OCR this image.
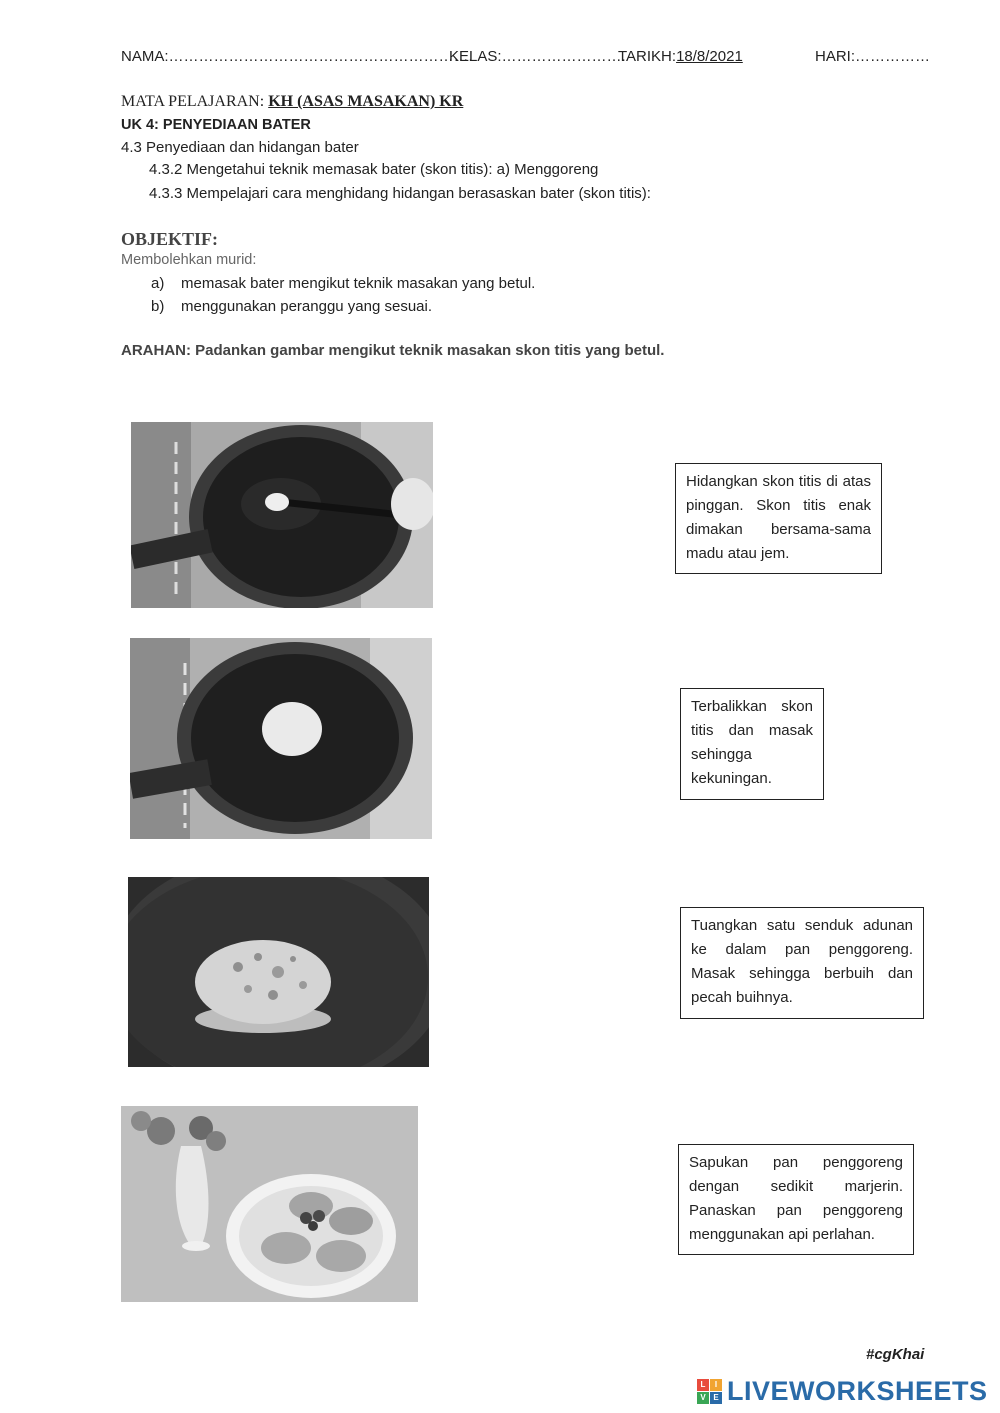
NAMA:…………………………………………………….
KELAS:…………………….
TARIKH:18/8/2021	HARI:……………
MATA PELAJARAN: KH (ASAS MASAKAN) KR
UK 4: PENYEDIAAN BATER
4.3 Penyediaan dan hidangan bater
4.3.2 Mengetahui teknik memasak bater (skon titis): a) Menggoreng
4.3.3 Mempelajari cara menghidang hidangan berasaskan bater (skon titis):
OBJEKTIF:
Membolehkan murid:
a) memasak bater mengikut teknik masakan yang betul.
b) menggunakan peranggu yang sesuai.
ARAHAN: Padankan gambar mengikut teknik masakan skon titis yang betul.
Hidangkan skon titis di atas pinggan. Skon titis enak dimakan bersama-sama madu atau jem.
Terbalikkan skon titis dan masak sehingga kekuningan.
Tuangkan satu senduk adunan ke dalam pan penggoreng. Masak sehingga berbuih dan pecah buihnya.
Sapukan pan penggoreng dengan sedikit marjerin. Panaskan pan penggoreng menggunakan api perlahan.
#cgKhai
L	I
V E LIVEWORKSHEETS
